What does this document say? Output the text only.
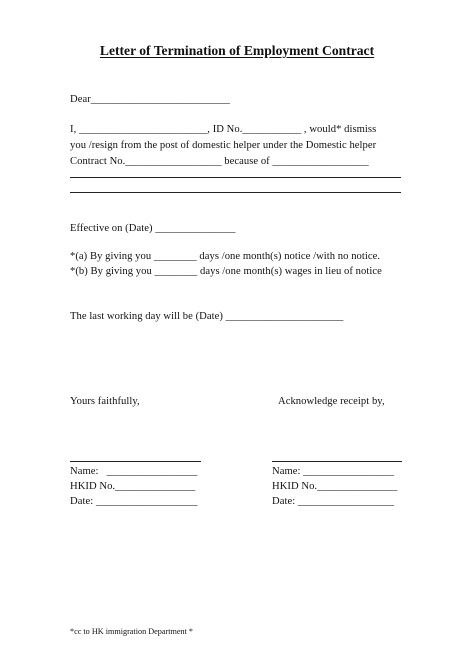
Letter of Termination of Employment Contract
Dear__________________________
I, ________________________, ID No.___________ , would* dismiss
you /resign from the post of domestic helper under the Domestic helper
Contract No.__________________ because of __________________
Effective on (Date) _______________
*(a) By giving you ________ days /one month(s) notice /with no notice.
*(b) By giving you ________ days /one month(s) wages in lieu of notice
The last working day will be (Date) ______________________
Yours faithfully,	Acknowledge receipt by,
Name:   _________________
HKID No._______________
Date: ___________________
Name: _________________
HKID No._______________
Date: __________________
*cc to HK immigration Department *
